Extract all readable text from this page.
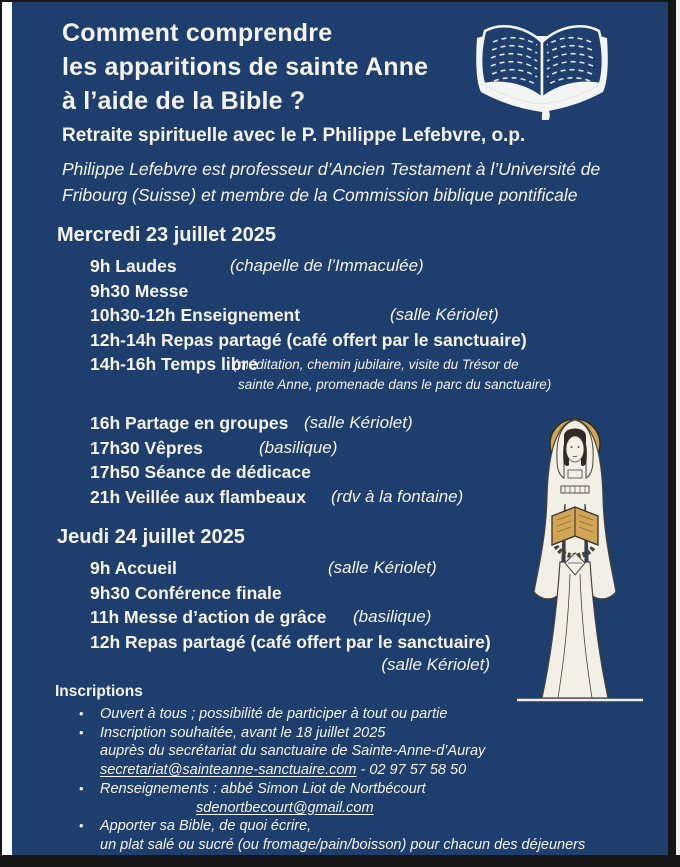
Comment comprendre
les apparitions de sainte Anne
à l’aide de la Bible ?
Retraite spirituelle avec le P. Philippe Lefebvre, o.p.
Philippe Lefebvre est professeur d’Ancien Testament à l’Université de
Fribourg (Suisse) et membre de la Commission biblique pontificale
Mercredi 23 juillet 2025
9h Laudes	(chapelle de l’Immaculée)
9h30 Messe
10h30-12h Enseignement	(salle Kériolet)
12h-14h Repas partagé (café offert par le sanctuaire)
14h-16h Temps libre
(méditation, chemin jubilaire, visite du Trésor de
sainte Anne, promenade dans le parc du sanctuaire)
16h Partage en groupes (salle Kériolet)
17h30 Vêpres	(basilique)
17h50 Séance de dédicace
21h Veillée aux flambeaux (rdv à la fontaine)
Jeudi 24 juillet 2025
9h Accueil	(salle Kériolet)
9h30 Conférence finale
11h Messe d’action de grâce (basilique)
12h Repas partagé (café offert par le sanctuaire)
(salle Kériolet)
Inscriptions
•	Ouvert à tous ; possibilité de participer à tout ou partie
•	Inscription souhaitée, avant le 18 juillet 2025
auprès du secrétariat du sanctuaire de Sainte-Anne-d’Auray
secretariat@sainteanne-sanctuaire.com - 02 97 57 58 50
•	Renseignements : abbé Simon Liot de Nortbécourt
sdenortbecourt@gmail.com
•	Apporter sa Bible, de quoi écrire,
un plat salé ou sucré (ou fromage/pain/boisson) pour chacun des déjeuners
